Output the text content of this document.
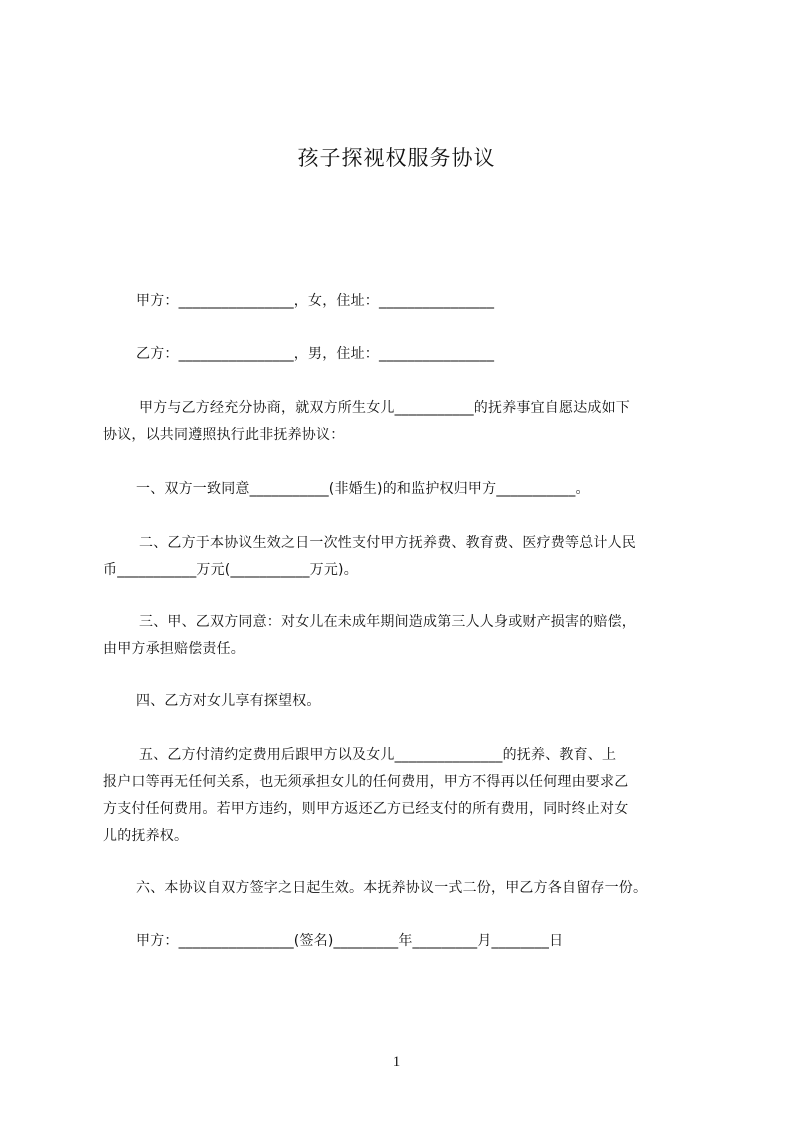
孩子探视权服务协议

甲方：________________，女，住址：________________

乙方：________________，男，住址：________________

甲方与乙方经充分协商，就双方所生女儿___________的抚养事宜自愿达成如下

协议，以共同遵照执行此非抚养协议：

一、双方一致同意___________(非婚生)的和监护权归甲方___________。

二、乙方于本协议生效之日一次性支付甲方抚养费、教育费、医疗费等总计人民

币___________万元(___________万元)。

三、甲、乙双方同意：对女儿在未成年期间造成第三人人身或财产损害的赔偿，

由甲方承担赔偿责任。

四、乙方对女儿享有探望权。

五、乙方付清约定费用后跟甲方以及女儿_______________的抚养、教育、上

报户口等再无任何关系，也无须承担女儿的任何费用，甲方不得再以任何理由要求乙

方支付任何费用。若甲方违约，则甲方返还乙方已经支付的所有费用，同时终止对女

儿的抚养权。

六、本协议自双方签字之日起生效。本抚养协议一式二份，甲乙方各自留存一份。

甲方：________________(签名)_________年_________月________日

1
